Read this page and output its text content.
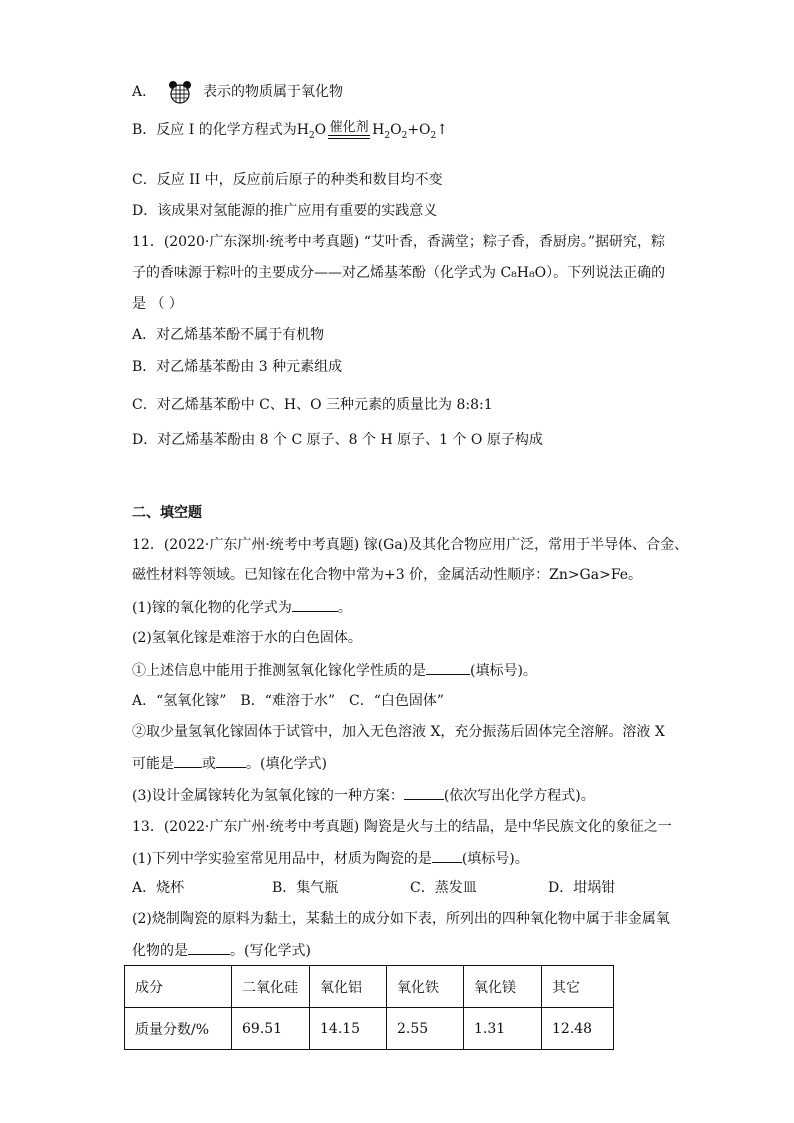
A．	表示的物质属于氧化物
B．反应 I 的化学方程式为$H_2O$ 催化剂 $H_2O_2+O_2↑$
C．反应 II 中，反应前后原子的种类和数目均不变
D．该成果对氢能源的推广应用有重要的实践意义
11．(2020·广东深圳·统考中考真题) “艾叶香，香满堂；粽子香，香厨房。”据研究，粽
子的香味源于粽叶的主要成分——对乙烯基苯酚（化学式为 C₈H₈O）。下列说法正确的
是 （ ）
A．对乙烯基苯酚不属于有机物
B．对乙烯基苯酚由 3 种元素组成
C．对乙烯基苯酚中 C、H、O 三种元素的质量比为 8:8:1
D．对乙烯基苯酚由 8 个 C 原子、8 个 H 原子、1 个 O 原子构成
二、填空题
12．(2022·广东广州·统考中考真题) 镓(Ga)及其化合物应用广泛，常用于半导体、合金、
磁性材料等领域。已知镓在化合物中常为+3 价，金属活动性顺序：Zn>Ga>Fe。
(1)镓的氧化物的化学式为	。
(2)氢氧化镓是难溶于水的白色固体。
①上述信息中能用于推测氢氧化镓化学性质的是	(填标号)。
A．“氢氧化镓”　B．“难溶于水”　C．“白色固体”
②取少量氢氧化镓固体于试管中，加入无色溶液 X，充分振荡后固体完全溶解。溶液 X
可能是 或 。(填化学式)
(3)设计金属镓转化为氢氧化镓的一种方案：	(依次写出化学方程式)。
13．(2022·广东广州·统考中考真题) 陶瓷是火与土的结晶，是中华民族文化的象征之一
(1)下列中学实验室常见用品中，材质为陶瓷的是 (填标号)。
A．烧杯	B．集气瓶	C．蒸发皿	D．坩埚钳
(2)烧制陶瓷的原料为黏土，某黏土的成分如下表，所列出的四种氧化物中属于非金属氧
化物的是	。(写化学式)
成分	二氧化硅	氧化铝	氧化铁	氧化镁	其它
质量分数/%	69.51	14.15	2.55	1.31	12.48
